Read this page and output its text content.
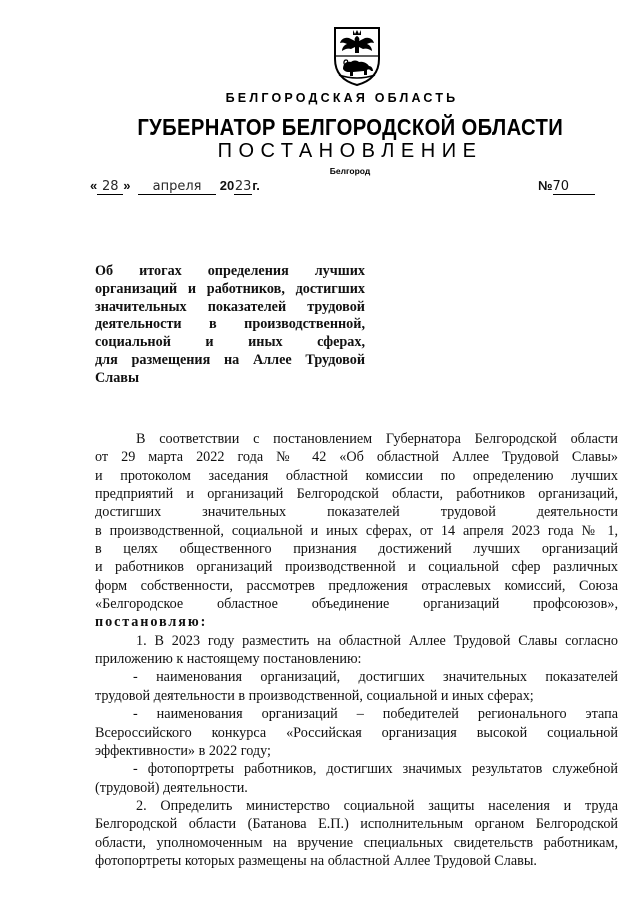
БЕЛГОРОДСКАЯ ОБЛАСТЬ
ГУБЕРНАТОР БЕЛГОРОДСКОЙ ОБЛАСТИ
ПОСТАНОВЛЕНИЕ
Белгород
« 28 » апреля 2023г.	№70
Об итогах определения лучших
организаций и работников, достигших
значительных показателей трудовой
деятельности в производственной,
социальной и иных сферах,
для размещения на Аллее Трудовой
Славы
В соответствии с постановлением Губернатора Белгородской области
от 29 марта 2022 года № 42 «Об областной Аллее Трудовой Славы»
и протоколом заседания областной комиссии по определению лучших
предприятий и организаций Белгородской области, работников организаций,
достигших значительных показателей трудовой деятельности
в производственной, социальной и иных сферах, от 14 апреля 2023 года № 1,
в целях общественного признания достижений лучших организаций
и работников организаций производственной и социальной сфер различных
форм собственности, рассмотрев предложения отраслевых комиссий, Союза
«Белгородское областное объединение организаций профсоюзов»,
постановляю:
1. В 2023 году разместить на областной Аллее Трудовой Славы согласно
приложению к настоящему постановлению:
- наименования организаций, достигших значительных показателей
трудовой деятельности в производственной, социальной и иных сферах;
- наименования организаций – победителей регионального этапа
Всероссийского конкурса «Российская организация высокой социальной
эффективности» в 2022 году;
- фотопортреты работников, достигших значимых результатов служебной
(трудовой) деятельности.
2. Определить министерство социальной защиты населения и труда
Белгородской области (Батанова Е.П.) исполнительным органом Белгородской
области, уполномоченным на вручение специальных свидетельств работникам,
фотопортреты которых размещены на областной Аллее Трудовой Славы.
